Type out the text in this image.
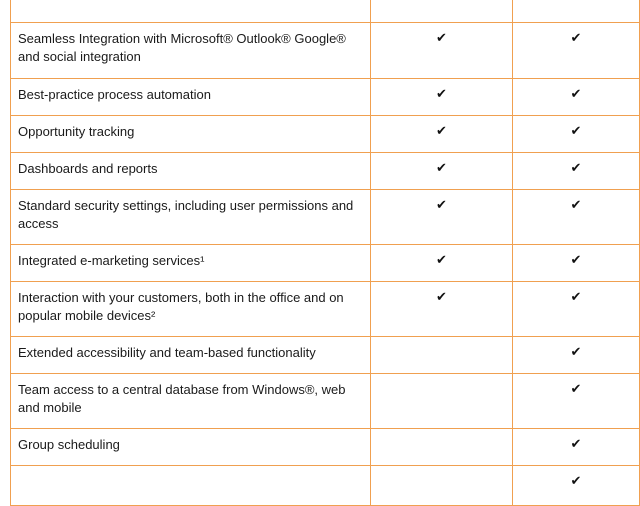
Seamless Integration with Microsoft® Outlook® Google® and social integration	✔	✔
Best-practice process automation	✔	✔
Opportunity tracking	✔	✔
Dashboards and reports	✔	✔
Standard security settings, including user permissions and access	✔	✔
Integrated e-marketing services¹	✔	✔
Interaction with your customers, both in the office and on popular mobile devices²	✔	✔
Extended accessibility and team-based functionality		✔
Team access to a central database from Windows®, web and mobile		✔
Group scheduling		✔
		✔
